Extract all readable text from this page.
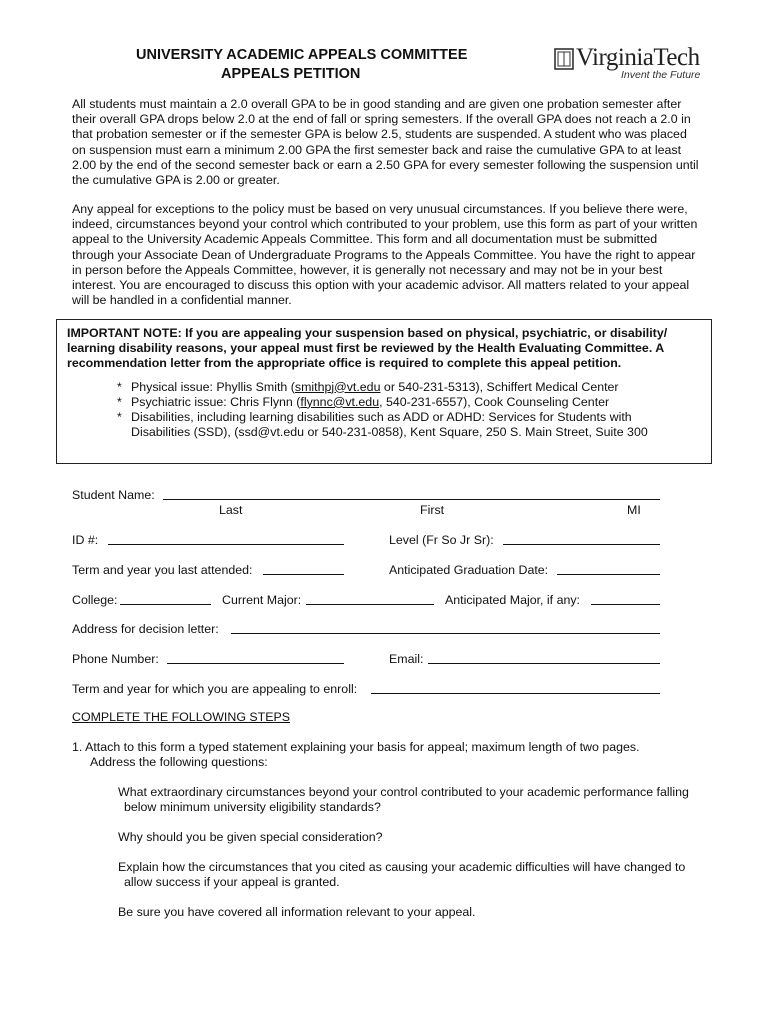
UNIVERSITY ACADEMIC APPEALS COMMITTEE
APPEALS PETITION
VirginiaTech
Invent the Future

All students must maintain a 2.0 overall GPA to be in good standing and are given one probation semester after their overall GPA drops below 2.0 at the end of fall or spring semesters. If the overall GPA does not reach a 2.0 in that probation semester or if the semester GPA is below 2.5, students are suspended. A student who was placed on suspension must earn a minimum 2.00 GPA the first semester back and raise the cumulative GPA to at least 2.00 by the end of the second semester back or earn a 2.50 GPA for every semester following the suspension until the cumulative GPA is 2.00 or greater.

Any appeal for exceptions to the policy must be based on very unusual circumstances. If you believe there were, indeed, circumstances beyond your control which contributed to your problem, use this form as part of your written appeal to the University Academic Appeals Committee. This form and all documentation must be submitted through your Associate Dean of Undergraduate Programs to the Appeals Committee. You have the right to appear in person before the Appeals Committee, however, it is generally not necessary and may not be in your best interest. You are encouraged to discuss this option with your academic advisor. All matters related to your appeal will be handled in a confidential manner.

IMPORTANT NOTE: If you are appealing your suspension based on physical, psychiatric, or disability/ learning disability reasons, your appeal must first be reviewed by the Health Evaluating Committee. A recommendation letter from the appropriate office is required to complete this appeal petition.

* Physical issue: Phyllis Smith (smithpj@vt.edu or 540-231-5313), Schiffert Medical Center
* Psychiatric issue: Chris Flynn (flynnc@vt.edu, 540-231-6557), Cook Counseling Center
* Disabilities, including learning disabilities such as ADD or ADHD: Services for Students with
Disabilities (SSD), (ssd@vt.edu or 540-231-0858), Kent Square, 250 S. Main Street, Suite 300
Student Name:
Last	First	MI
ID #:	Level (Fr So Jr Sr):
Term and year you last attended:	Anticipated Graduation Date:
College:	Current Major:	Anticipated Major, if any:
Address for decision letter:
Phone Number:	Email:
Term and year for which you are appealing to enroll:
COMPLETE THE FOLLOWING STEPS
1. Attach to this form a typed statement explaining your basis for appeal; maximum length of two pages.
Address the following questions:
What extraordinary circumstances beyond your control contributed to your academic performance falling
below minimum university eligibility standards?
Why should you be given special consideration?
Explain how the circumstances that you cited as causing your academic difficulties will have changed to
allow success if your appeal is granted.
Be sure you have covered all information relevant to your appeal.
